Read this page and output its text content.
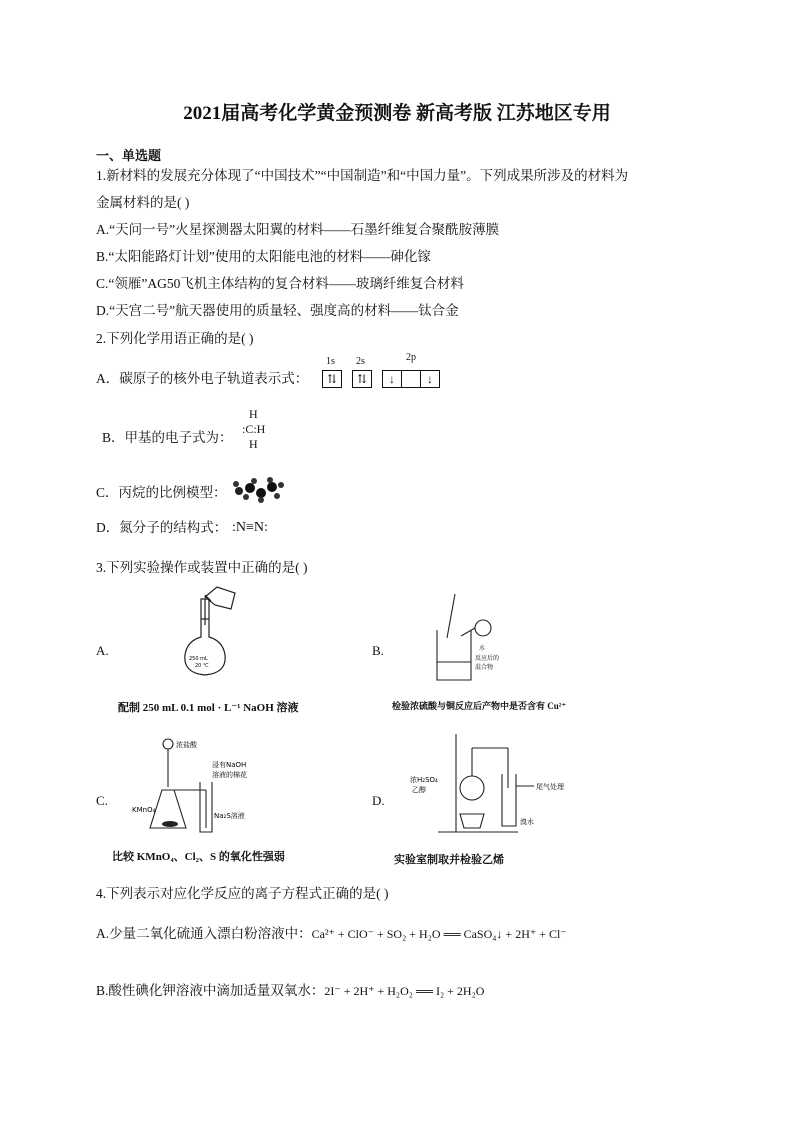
2021届高考化学黄金预测卷 新高考版 江苏地区专用
一、单选题
1.新材料的发展充分体现了“中国技术”“中国制造”和“中国力量”。下列成果所涉及的材料为
金属材料的是( )
A.“天问一号”火星探测器太阳翼的材料——石墨纤维复合聚酰胺薄膜
B.“太阳能路灯计划”使用的太阳能电池的材料——砷化镓
C.“领雁”AG50飞机主体结构的复合材料——玻璃纤维复合材料
D.“天宫二号”航天器使用的质量轻、强度高的材料——钛合金
2.下列化学用语正确的是( )
A．碳原子的核外电子轨道表示式：
1s 2s	2p
⇅	⇅	↓	↓
B．甲基的电子式为：
H
:C:H
H
C．丙烷的比例模型：
D．氮分子的结构式： :N≡N:
3.下列实验操作或装置中正确的是( )
A.
250 mL
20 ℃
配制 250 mL 0.1 mol · L⁻¹ NaOH 溶液
B.	水
反应后的
混合物
检验浓硫酸与铜反应后产物中是否含有 Cu²⁺
C.
浓盐酸
浸有NaOH
溶液的棉花
KMnO₄
Na₂S溶液
比较 KMnO₄、Cl₂、S 的氧化性强弱
D.
浓H₂SO₄
乙醇	尾气处理
溴水
实验室制取并检验乙烯
4.下列表示对应化学反应的离子方程式正确的是( )
A.少量二氧化硫通入漂白粉溶液中：Ca²⁺ + ClO⁻ + SO₂ + H₂O ══ CaSO₄↓ + 2H⁺ + Cl⁻
B.酸性碘化钾溶液中滴加适量双氧水：2I⁻ + 2H⁺ + H₂O₂ ══ I₂ + 2H₂O
